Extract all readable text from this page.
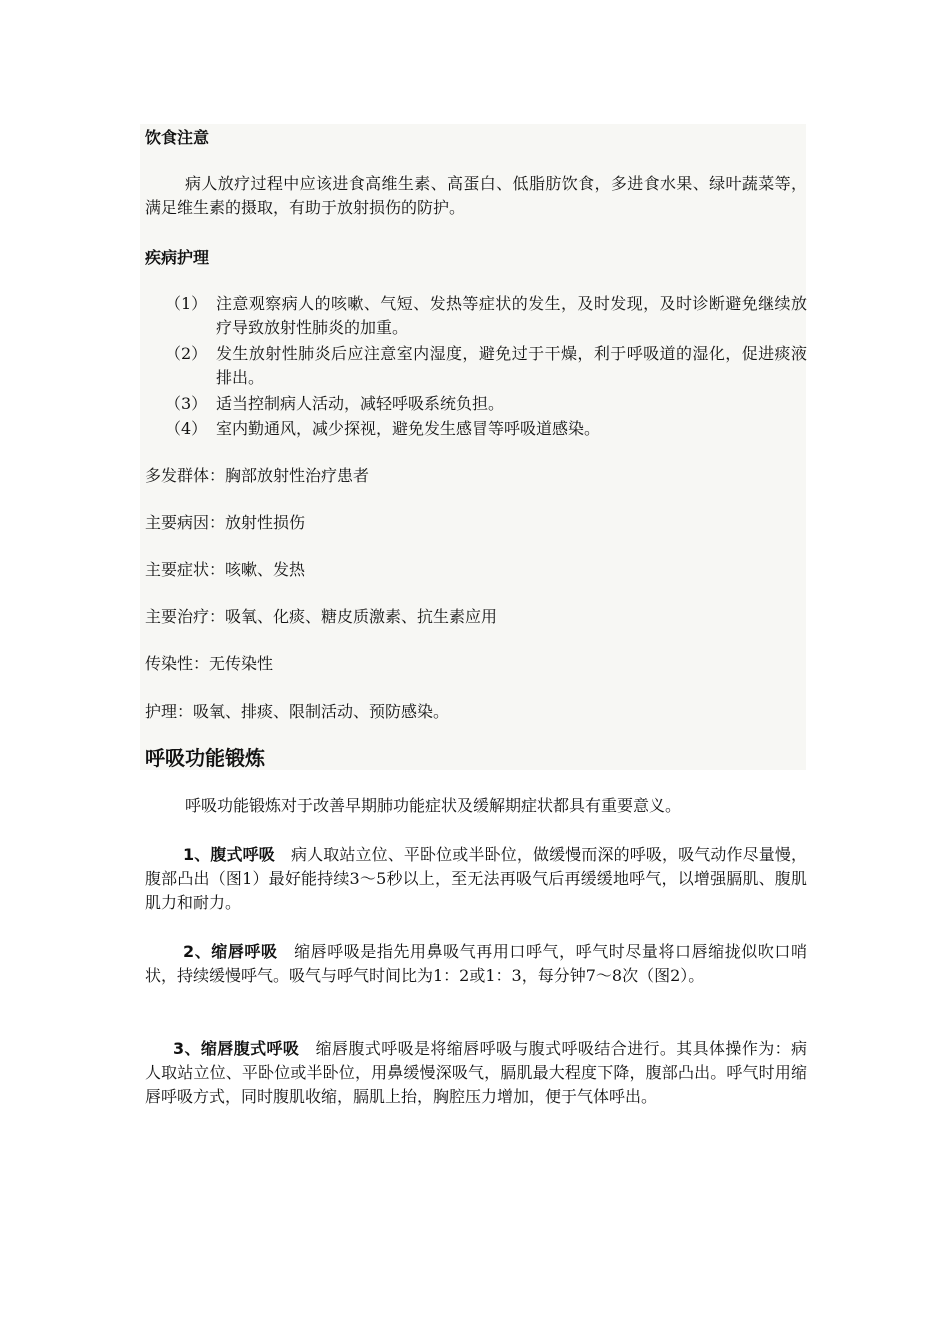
饮食注意
病人放疗过程中应该进食高维生素、高蛋白、低脂肪饮食，多进食水果、绿叶蔬菜等，满足维生素的摄取，有助于放射损伤的防护。
疾病护理
（1） 注意观察病人的咳嗽、气短、发热等症状的发生，及时发现，及时诊断避免继续放疗导致放射性肺炎的加重。
（2） 发生放射性肺炎后应注意室内湿度，避免过于干燥，利于呼吸道的湿化，促进痰液排出。
（3） 适当控制病人活动，减轻呼吸系统负担。
（4） 室内勤通风，减少探视，避免发生感冒等呼吸道感染。
多发群体：胸部放射性治疗患者
主要病因：放射性损伤
主要症状：咳嗽、发热
主要治疗：吸氧、化痰、糖皮质激素、抗生素应用
传染性：无传染性
护理：吸氧、排痰、限制活动、预防感染。
呼吸功能锻炼
呼吸功能锻炼对于改善早期肺功能症状及缓解期症状都具有重要意义。
1、腹式呼吸 病人取站立位、平卧位或半卧位，做缓慢而深的呼吸，吸气动作尽量慢，腹部凸出（图1）最好能持续3～5秒以上，至无法再吸气后再缓缓地呼气，以增强膈肌、腹肌肌力和耐力。
2、缩唇呼吸 缩唇呼吸是指先用鼻吸气再用口呼气，呼气时尽量将口唇缩拢似吹口哨状，持续缓慢呼气。吸气与呼气时间比为1：2或1：3，每分钟7～8次（图2）。
3、缩唇腹式呼吸 缩唇腹式呼吸是将缩唇呼吸与腹式呼吸结合进行。其具体操作为：病人取站立位、平卧位或半卧位，用鼻缓慢深吸气，膈肌最大程度下降，腹部凸出。呼气时用缩唇呼吸方式，同时腹肌收缩，膈肌上抬，胸腔压力增加，便于气体呼出。
